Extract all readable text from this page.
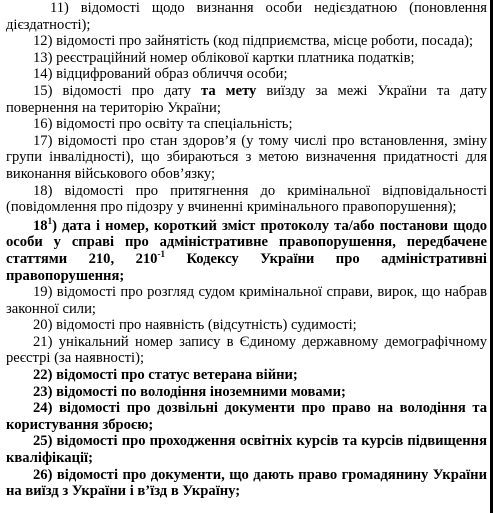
11) відомості щодо визнання особи недієздатною (поновлення дієздатності);

12) відомості про зайнятість (код підприємства, місце роботи, посада);

13) реєстраційний номер облікової картки платника податків;

14) відцифрований образ обличчя особи;

15) відомості про дату та мету виїзду за межі України та дату повернення на територію України;

16) відомості про освіту та спеціальність;

17) відомості про стан здоров’я (у тому числі про встановлення, зміну групи інвалідності), що збираються з метою визначення придатності для виконання військового обов’язку;

18) відомості про притягнення до кримінальної відповідальності (повідомлення про підозру у вчиненні кримінального правопорушення);

$18^1$) дата і номер, короткий зміст протоколу та/або постанови щодо особи у справі про адміністративне правопорушення, передбачене статтями 210, $210^{-1}$ Кодексу України про адміністративні правопорушення;

19) відомості про розгляд судом кримінальної справи, вирок, що набрав законної сили;

20) відомості про наявність (відсутність) судимості;

21) унікальний номер запису в Єдиному державному демографічному реєстрі (за наявності);

22) відомості про статус ветерана війни;

23) відомості по володіння іноземними мовами;

24) відомості про дозвільні документи про право на володіння та користування зброєю;

25) відомості про проходження освітніх курсів та курсів підвищення кваліфікації;

26) відомості про документи, що дають право громадянину України на виїзд з України і в’їзд в Україну;
